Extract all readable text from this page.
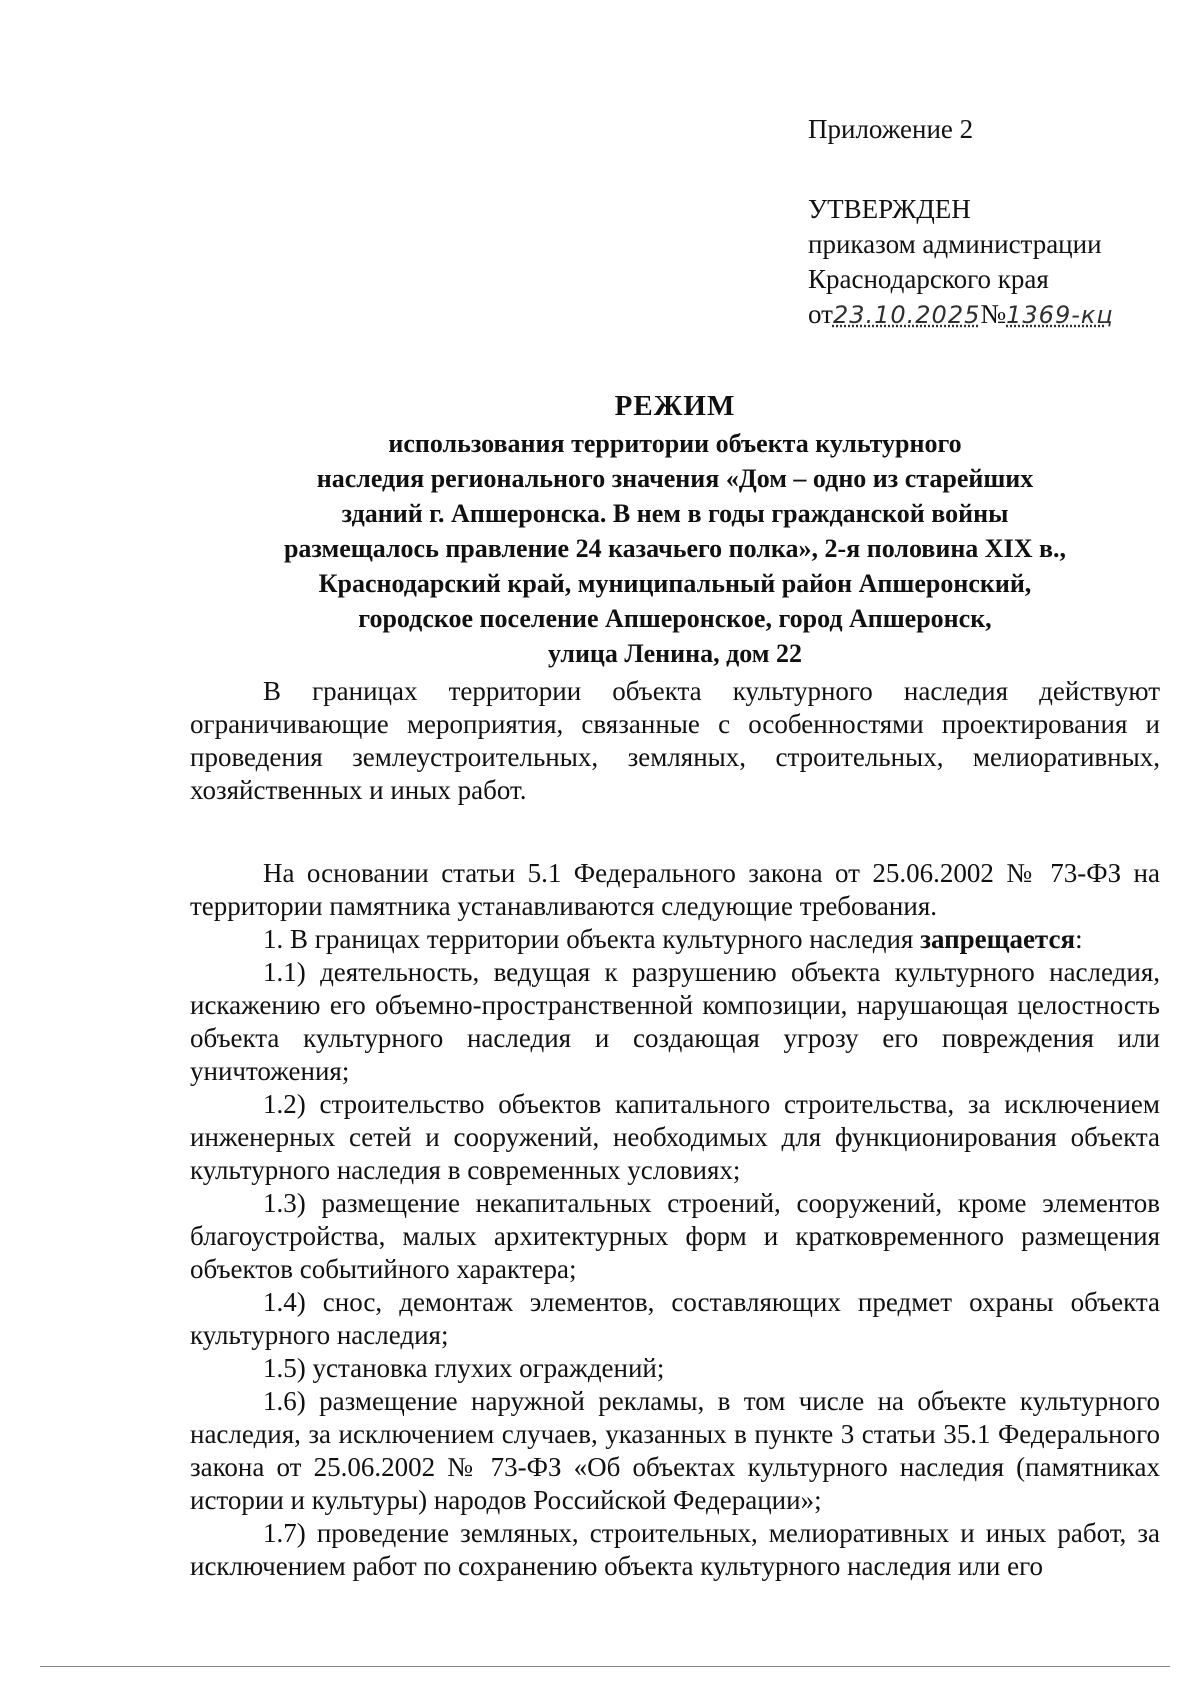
Приложение 2
УТВЕРЖДЕН
приказом администрации
Краснодарского края
от23.10.2025№1369-кц
РЕЖИМ
использования территории объекта культурного
наследия регионального значения «Дом – одно из старейших
зданий г. Апшеронска. В нем в годы гражданской войны
размещалось правление 24 казачьего полка», 2-я половина XIX в.,
Краснодарский край, муниципальный район Апшеронский,
городское поселение Апшеронское, город Апшеронск,
улица Ленина, дом 22

В границах территории объекта культурного наследия действуют ограничивающие мероприятия, связанные с особенностями проектирования и проведения землеустроительных, земляных, строительных, мелиоративных, хозяйственных и иных работ.

На основании статьи 5.1 Федерального закона от 25.06.2002 № 73-ФЗ на территории памятника устанавливаются следующие требования.

1. В границах территории объекта культурного наследия запрещается:

1.1) деятельность, ведущая к разрушению объекта культурного наследия, искажению его объемно-пространственной композиции, нарушающая целостность объекта культурного наследия и создающая угрозу его повреждения или уничтожения;

1.2) строительство объектов капитального строительства, за исключением инженерных сетей и сооружений, необходимых для функционирования объекта культурного наследия в современных условиях;

1.3) размещение некапитальных строений, сооружений, кроме элементов благоустройства, малых архитектурных форм и кратковременного размещения объектов событийного характера;

1.4) снос, демонтаж элементов, составляющих предмет охраны объекта культурного наследия;

1.5) установка глухих ограждений;

1.6) размещение наружной рекламы, в том числе на объекте культурного наследия, за исключением случаев, указанных в пункте 3 статьи 35.1 Федерального закона от 25.06.2002 № 73-ФЗ «Об объектах культурного наследия (памятниках истории и культуры) народов Российской Федерации»;

1.7) проведение земляных, строительных, мелиоративных и иных работ, за исключением работ по сохранению объекта культурного наследия или его
